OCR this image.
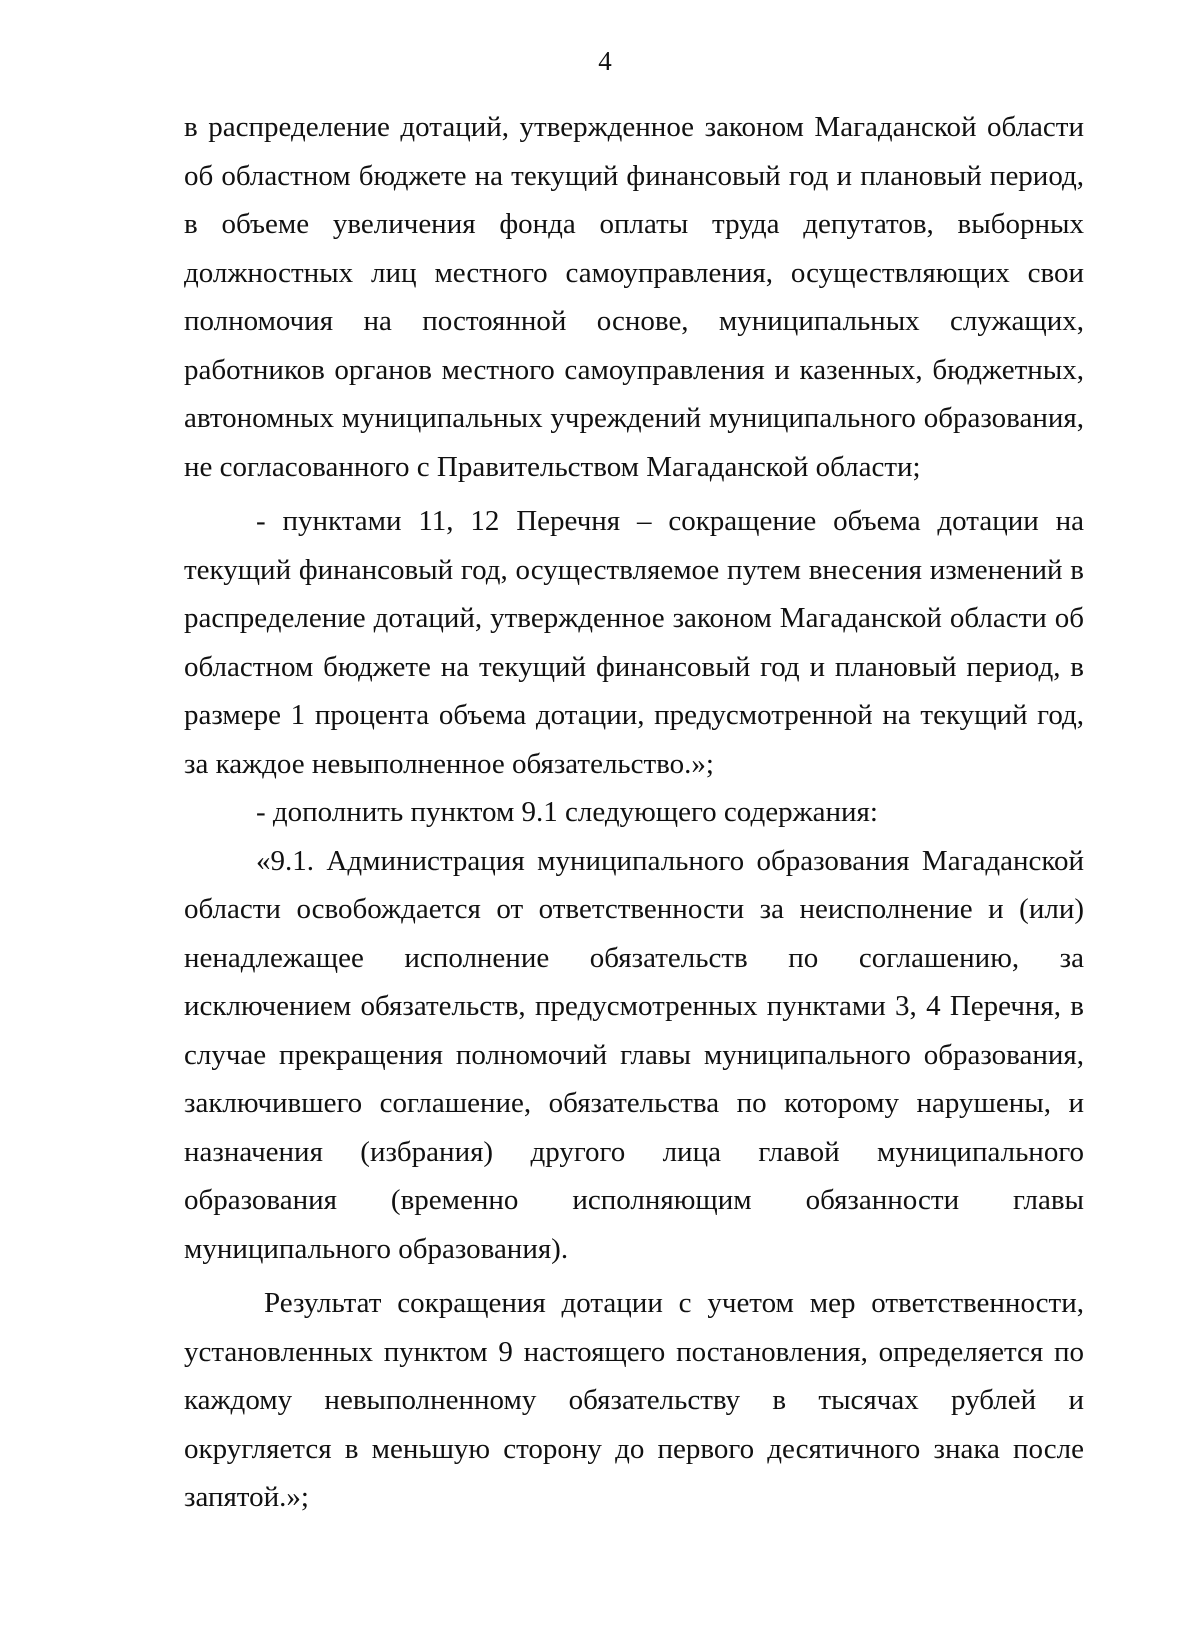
4

в распределение дотаций, утвержденное законом Магаданской области об областном бюджете на текущий финансовый год и плановый период, в объеме увеличения фонда оплаты труда депутатов, выборных должностных лиц местного самоуправления, осуществляющих свои полномочия на постоянной основе, муниципальных служащих, работников органов местного самоуправления и казенных, бюджетных, автономных муниципальных учреждений муниципального образования, не согласованного с Правительством Магаданской области;

- пунктами 11, 12 Перечня – сокращение объема дотации на текущий финансовый год, осуществляемое путем внесения изменений в распределение дотаций, утвержденное законом Магаданской области об областном бюджете на текущий финансовый год и плановый период, в размере 1 процента объема дотации, предусмотренной на текущий год, за каждое невыполненное обязательство.»;

- дополнить пунктом 9.1 следующего содержания:

«9.1. Администрация муниципального образования Магаданской области освобождается от ответственности за неисполнение и (или) ненадлежащее исполнение обязательств по соглашению, за исключением обязательств, предусмотренных пунктами 3, 4 Перечня, в случае прекращения полномочий главы муниципального образования, заключившего соглашение, обязательства по которому нарушены, и назначения (избрания) другого лица главой муниципального образования (временно исполняющим обязанности главы муниципального образования).

Результат сокращения дотации с учетом мер ответственности, установленных пунктом 9 настоящего постановления, определяется по каждому невыполненному обязательству в тысячах рублей и округляется в меньшую сторону до первого десятичного знака после запятой.»;
